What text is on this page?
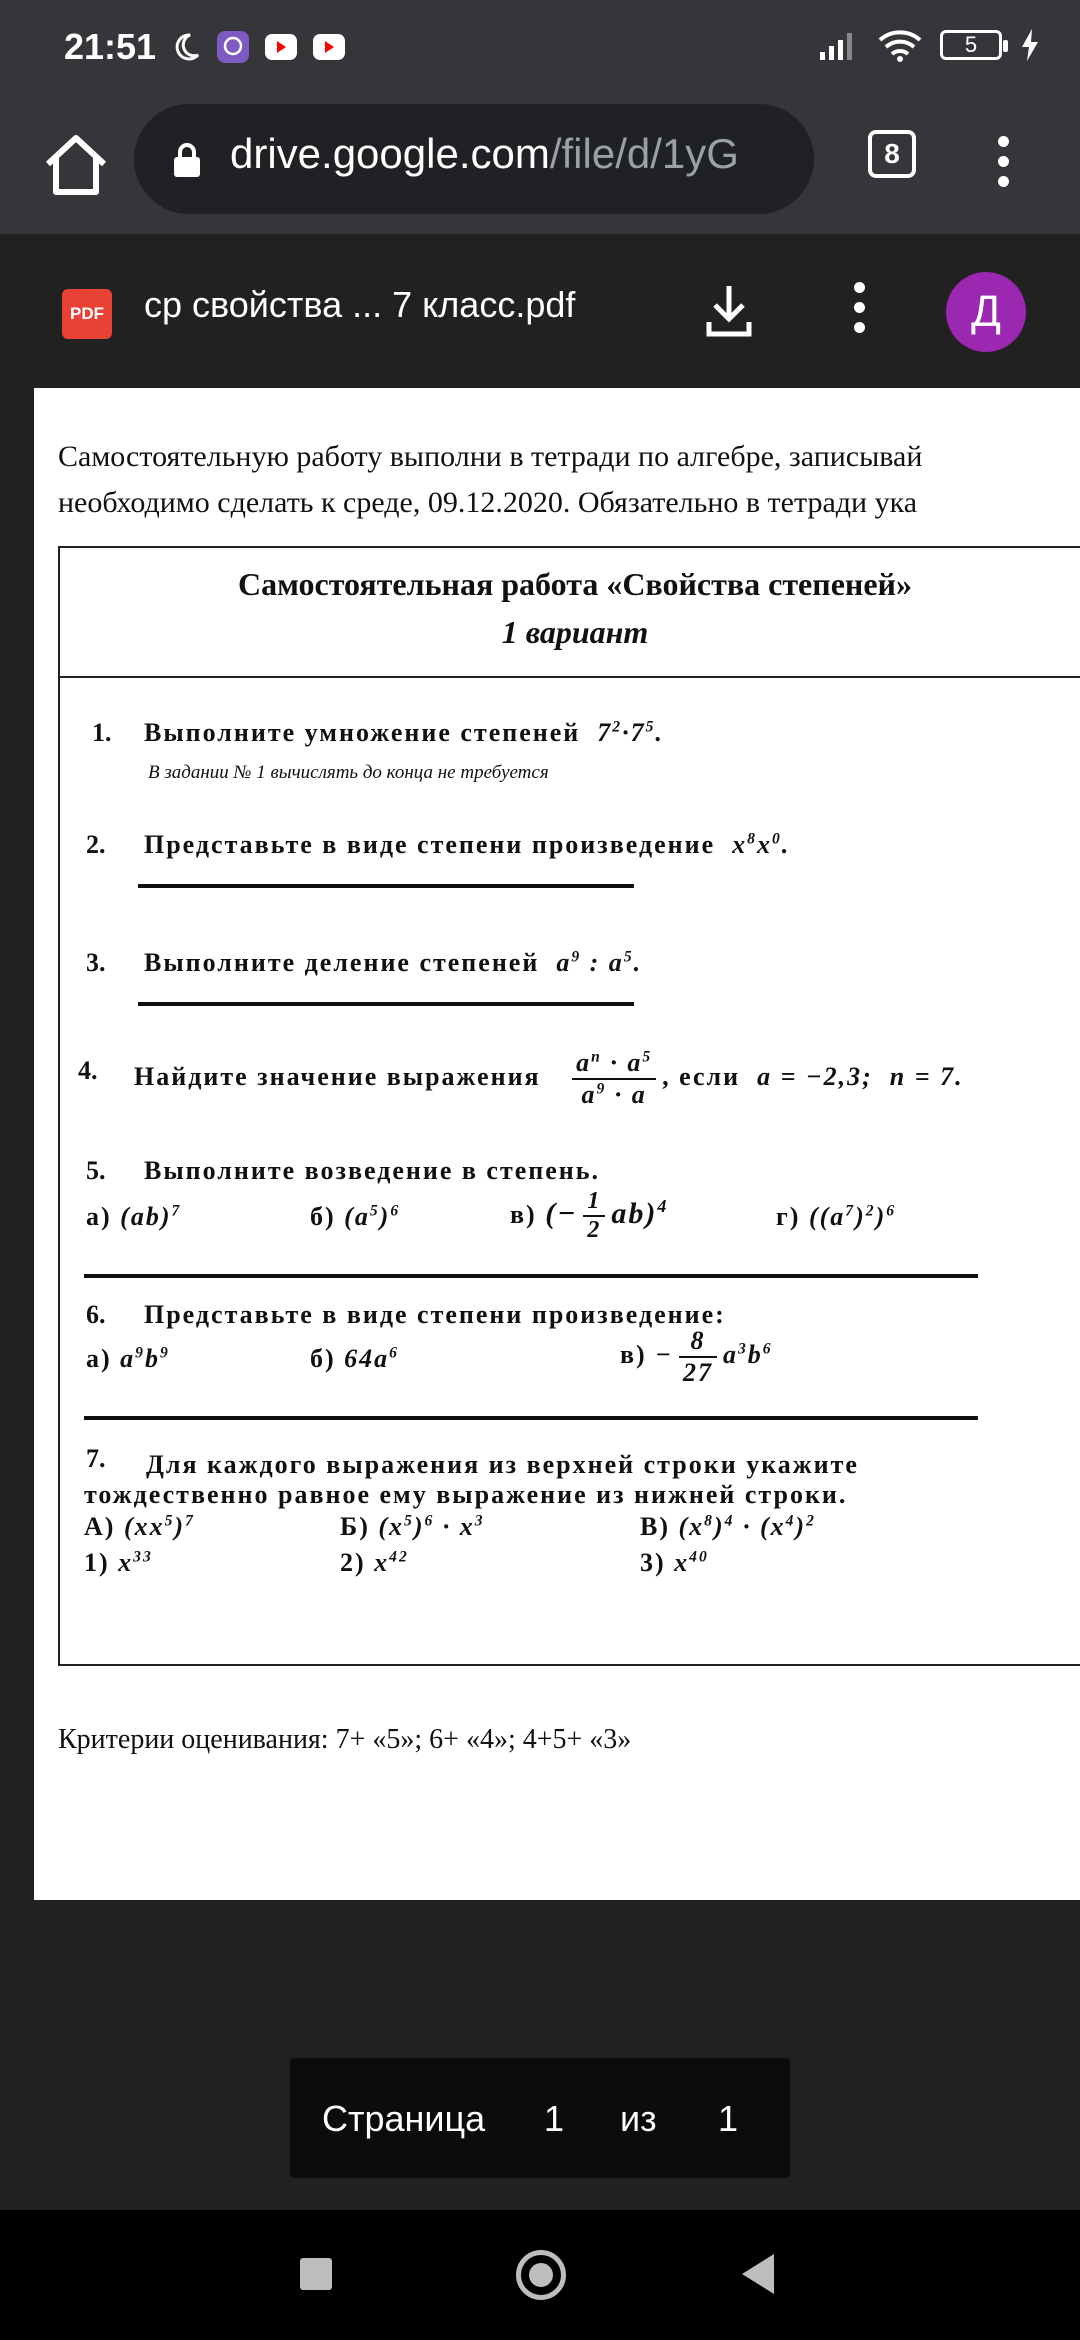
21:51	5
drive.google.com/file/d/1yG	8
PDF ср свойства ... 7 класс.pdf	Д
Самостоятельную работу выполни в тетради по алгебре, записывай
необходимо сделать к среде, 09.12.2020. Обязательно в тетради ука
Самостоятельная работа «Свойства степеней»
1 вариант
1. Выполните умножение степеней $7^2\cdot 7^5$.
В задании № 1 вычислять до конца не требуется
2. Представьте в виде степени произведение $x^8x^0$.
3. Выполните деление степеней $a^9$ : $a^5$.
4. Найдите значение выражения $\frac{a^n \cdot a^5}{a^9 \cdot a}$ , если a = −2,3;  n = 7.
5. Выполните возведение в степень.
а) (ab)$^7$	б) $(a^5)^6$	в) (− $\frac{1}{2} ab)^4$	г) $((a^7)^2)^6$
6. Представьте в виде степени произведение:
а) $a^9b^9$	б) $64a^6$	$в) - \frac{8}{27} a^3b^6$
7. Для каждого выражения из верхней строки укажите
тождественно равное ему выражение из нижней строки.
А) $(xx^5)^7$	Б) $(x^5)^6 \cdot x^3$	В) $(x^8)^4 \cdot (x^4)^2$
1) $x^{33}$	2) $x^{42}$	3) $x^{40}$
Критерии оценивания: 7+ «5»; 6+ «4»; 4+5+ «3»
Страница 1 из 1
